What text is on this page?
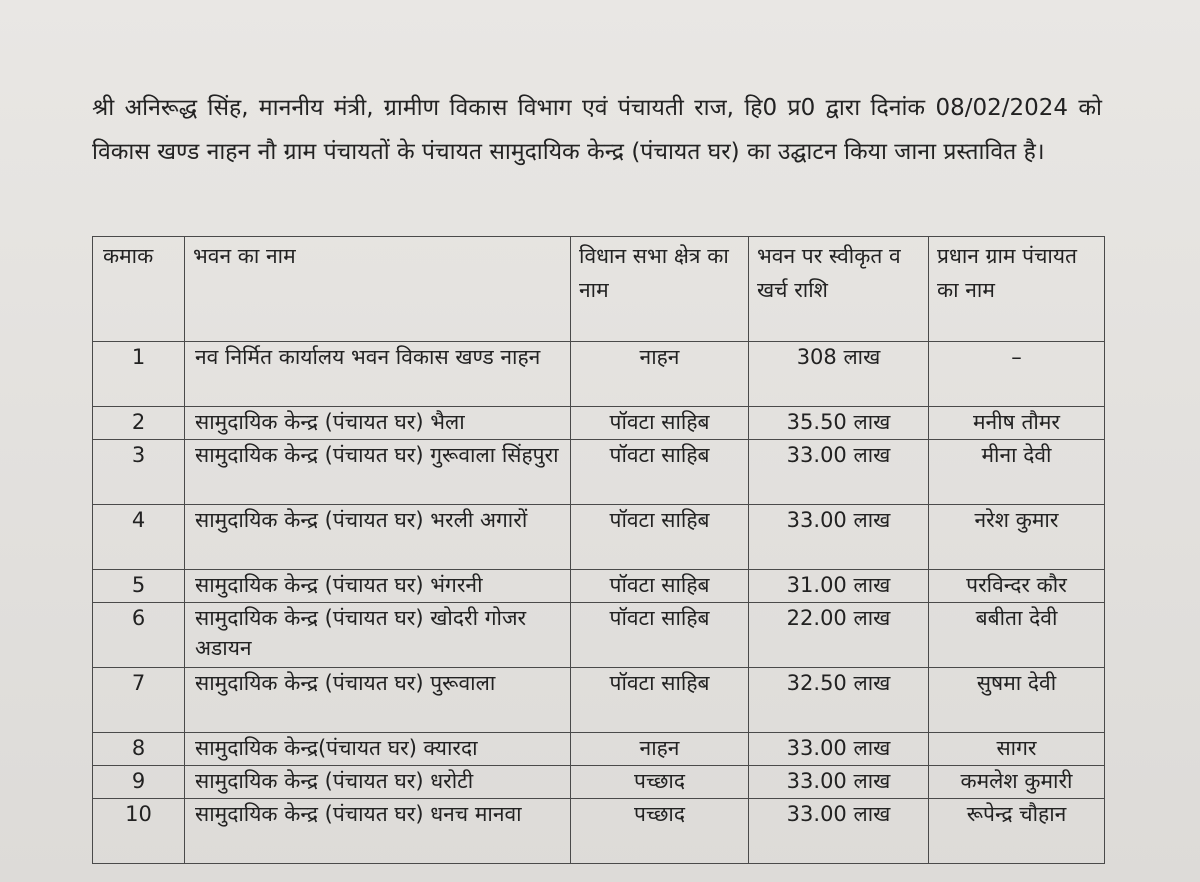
श्री अनिरूद्ध सिंह, माननीय मंत्री, ग्रामीण विकास विभाग एवं पंचायती राज, हि0 प्र0 द्वारा दिनांक 08/02/2024 को विकास खण्ड नाहन नौ ग्राम पंचायतों के पंचायत सामुदायिक केन्द्र (पंचायत घर) का उद्घाटन किया जाना प्रस्तावित है।
कमाक	भवन का नाम	विधान सभा क्षेत्र का नाम	भवन पर स्वीकृत व खर्च राशि	प्रधान ग्राम पंचायत का नाम
1	नव निर्मित कार्यालय भवन विकास खण्ड नाहन	नाहन	308 लाख	–
2	सामुदायिक केन्द्र (पंचायत घर) भैला	पॉवटा साहिब	35.50 लाख	मनीष तौमर
3	सामुदायिक केन्द्र (पंचायत घर) गुरूवाला सिंहपुरा	पॉवटा साहिब	33.00 लाख	मीना देवी
4	सामुदायिक केन्द्र (पंचायत घर) भरली अगारों	पॉवटा साहिब	33.00 लाख	नरेश कुमार
5	सामुदायिक केन्द्र (पंचायत घर) भंगरनी	पॉवटा साहिब	31.00 लाख	परविन्दर कौर
6	सामुदायिक केन्द्र (पंचायत घर) खोदरी गोजर अडायन	पॉवटा साहिब	22.00 लाख	बबीता देवी
7	सामुदायिक केन्द्र (पंचायत घर) पुरूवाला	पॉवटा साहिब	32.50 लाख	सुषमा देवी
8	सामुदायिक केन्द्र(पंचायत घर) क्यारदा	नाहन	33.00 लाख	सागर
9	सामुदायिक केन्द्र (पंचायत घर) धरोटी	पच्छाद	33.00 लाख	कमलेश कुमारी
10	सामुदायिक केन्द्र (पंचायत घर) धनच मानवा	पच्छाद	33.00 लाख	रूपेन्द्र चौहान
